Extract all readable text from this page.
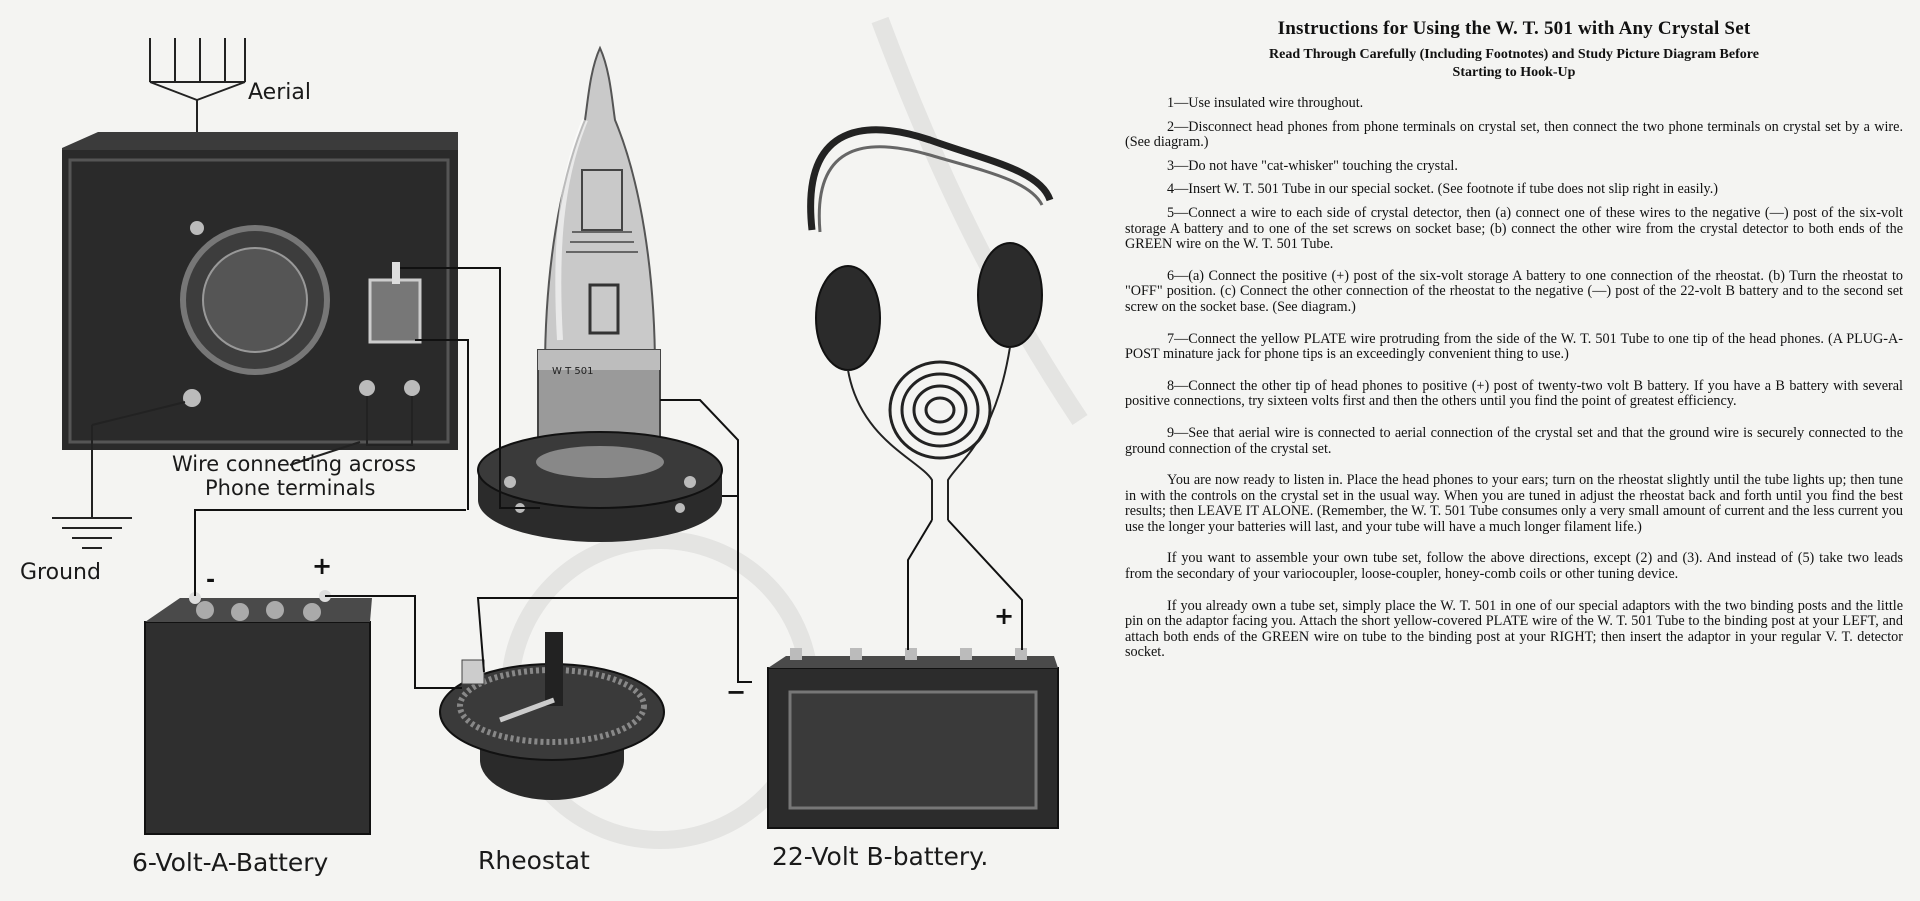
W T 501
Aerial
Wire connecting across
Phone terminals
Ground
6-Volt-A-Battery	Rheostat	22-Volt B-battery.
-
+
+
−
Instructions for Using the W. T. 501 with Any Crystal Set
Read Through Carefully (Including Footnotes) and Study Picture Diagram Before
Starting to Hook-Up

1—Use insulated wire throughout.

2—Disconnect head phones from phone terminals on crystal set, then connect the two phone terminals on crystal set by a wire. (See diagram.)

3—Do not have "cat-whisker" touching the crystal.

4—Insert W. T. 501 Tube in our special socket. (See footnote if tube does not slip right in easily.)

5—Connect a wire to each side of crystal detector, then (a) connect one of these wires to the negative (—) post of the six-volt storage A battery and to one of the set screws on socket base; (b) connect the other wire from the crystal detector to both ends of the GREEN wire on the W. T. 501 Tube.

6—(a) Connect the positive (+) post of the six-volt storage A battery to one connection of the rheostat. (b) Turn the rheostat to "OFF" position. (c) Connect the other connection of the rheostat to the negative (—) post of the 22-volt B battery and to the second set screw on the socket base. (See diagram.)

7—Connect the yellow PLATE wire protruding from the side of the W. T. 501 Tube to one tip of the head phones. (A PLUG-A-POST minature jack for phone tips is an exceedingly convenient thing to use.)

8—Connect the other tip of head phones to positive (+) post of twenty-two volt B battery. If you have a B battery with several positive connections, try sixteen volts first and then the others until you find the point of greatest efficiency.

9—See that aerial wire is connected to aerial connection of the crystal set and that the ground wire is securely connected to the ground connection of the crystal set.

You are now ready to listen in. Place the head phones to your ears; turn on the rheostat slightly until the tube lights up; then tune in with the controls on the crystal set in the usual way. When you are tuned in adjust the rheostat back and forth until you find the best results; then LEAVE IT ALONE. (Remember, the W. T. 501 Tube consumes only a very small amount of current and the less current you use the longer your batteries will last, and your tube will have a much longer filament life.)

If you want to assemble your own tube set, follow the above directions, except (2) and (3). And instead of (5) take two leads from the secondary of your variocoupler, loose-coupler, honey-comb coils or other tuning device.

If you already own a tube set, simply place the W. T. 501 in one of our special adaptors with the two binding posts and the little pin on the adaptor facing you. Attach the short yellow-covered PLATE wire of the W. T. 501 Tube to the binding post at your LEFT, and attach both ends of the GREEN wire on tube to the binding post at your RIGHT; then insert the adaptor in your regular V. T. detector socket.
